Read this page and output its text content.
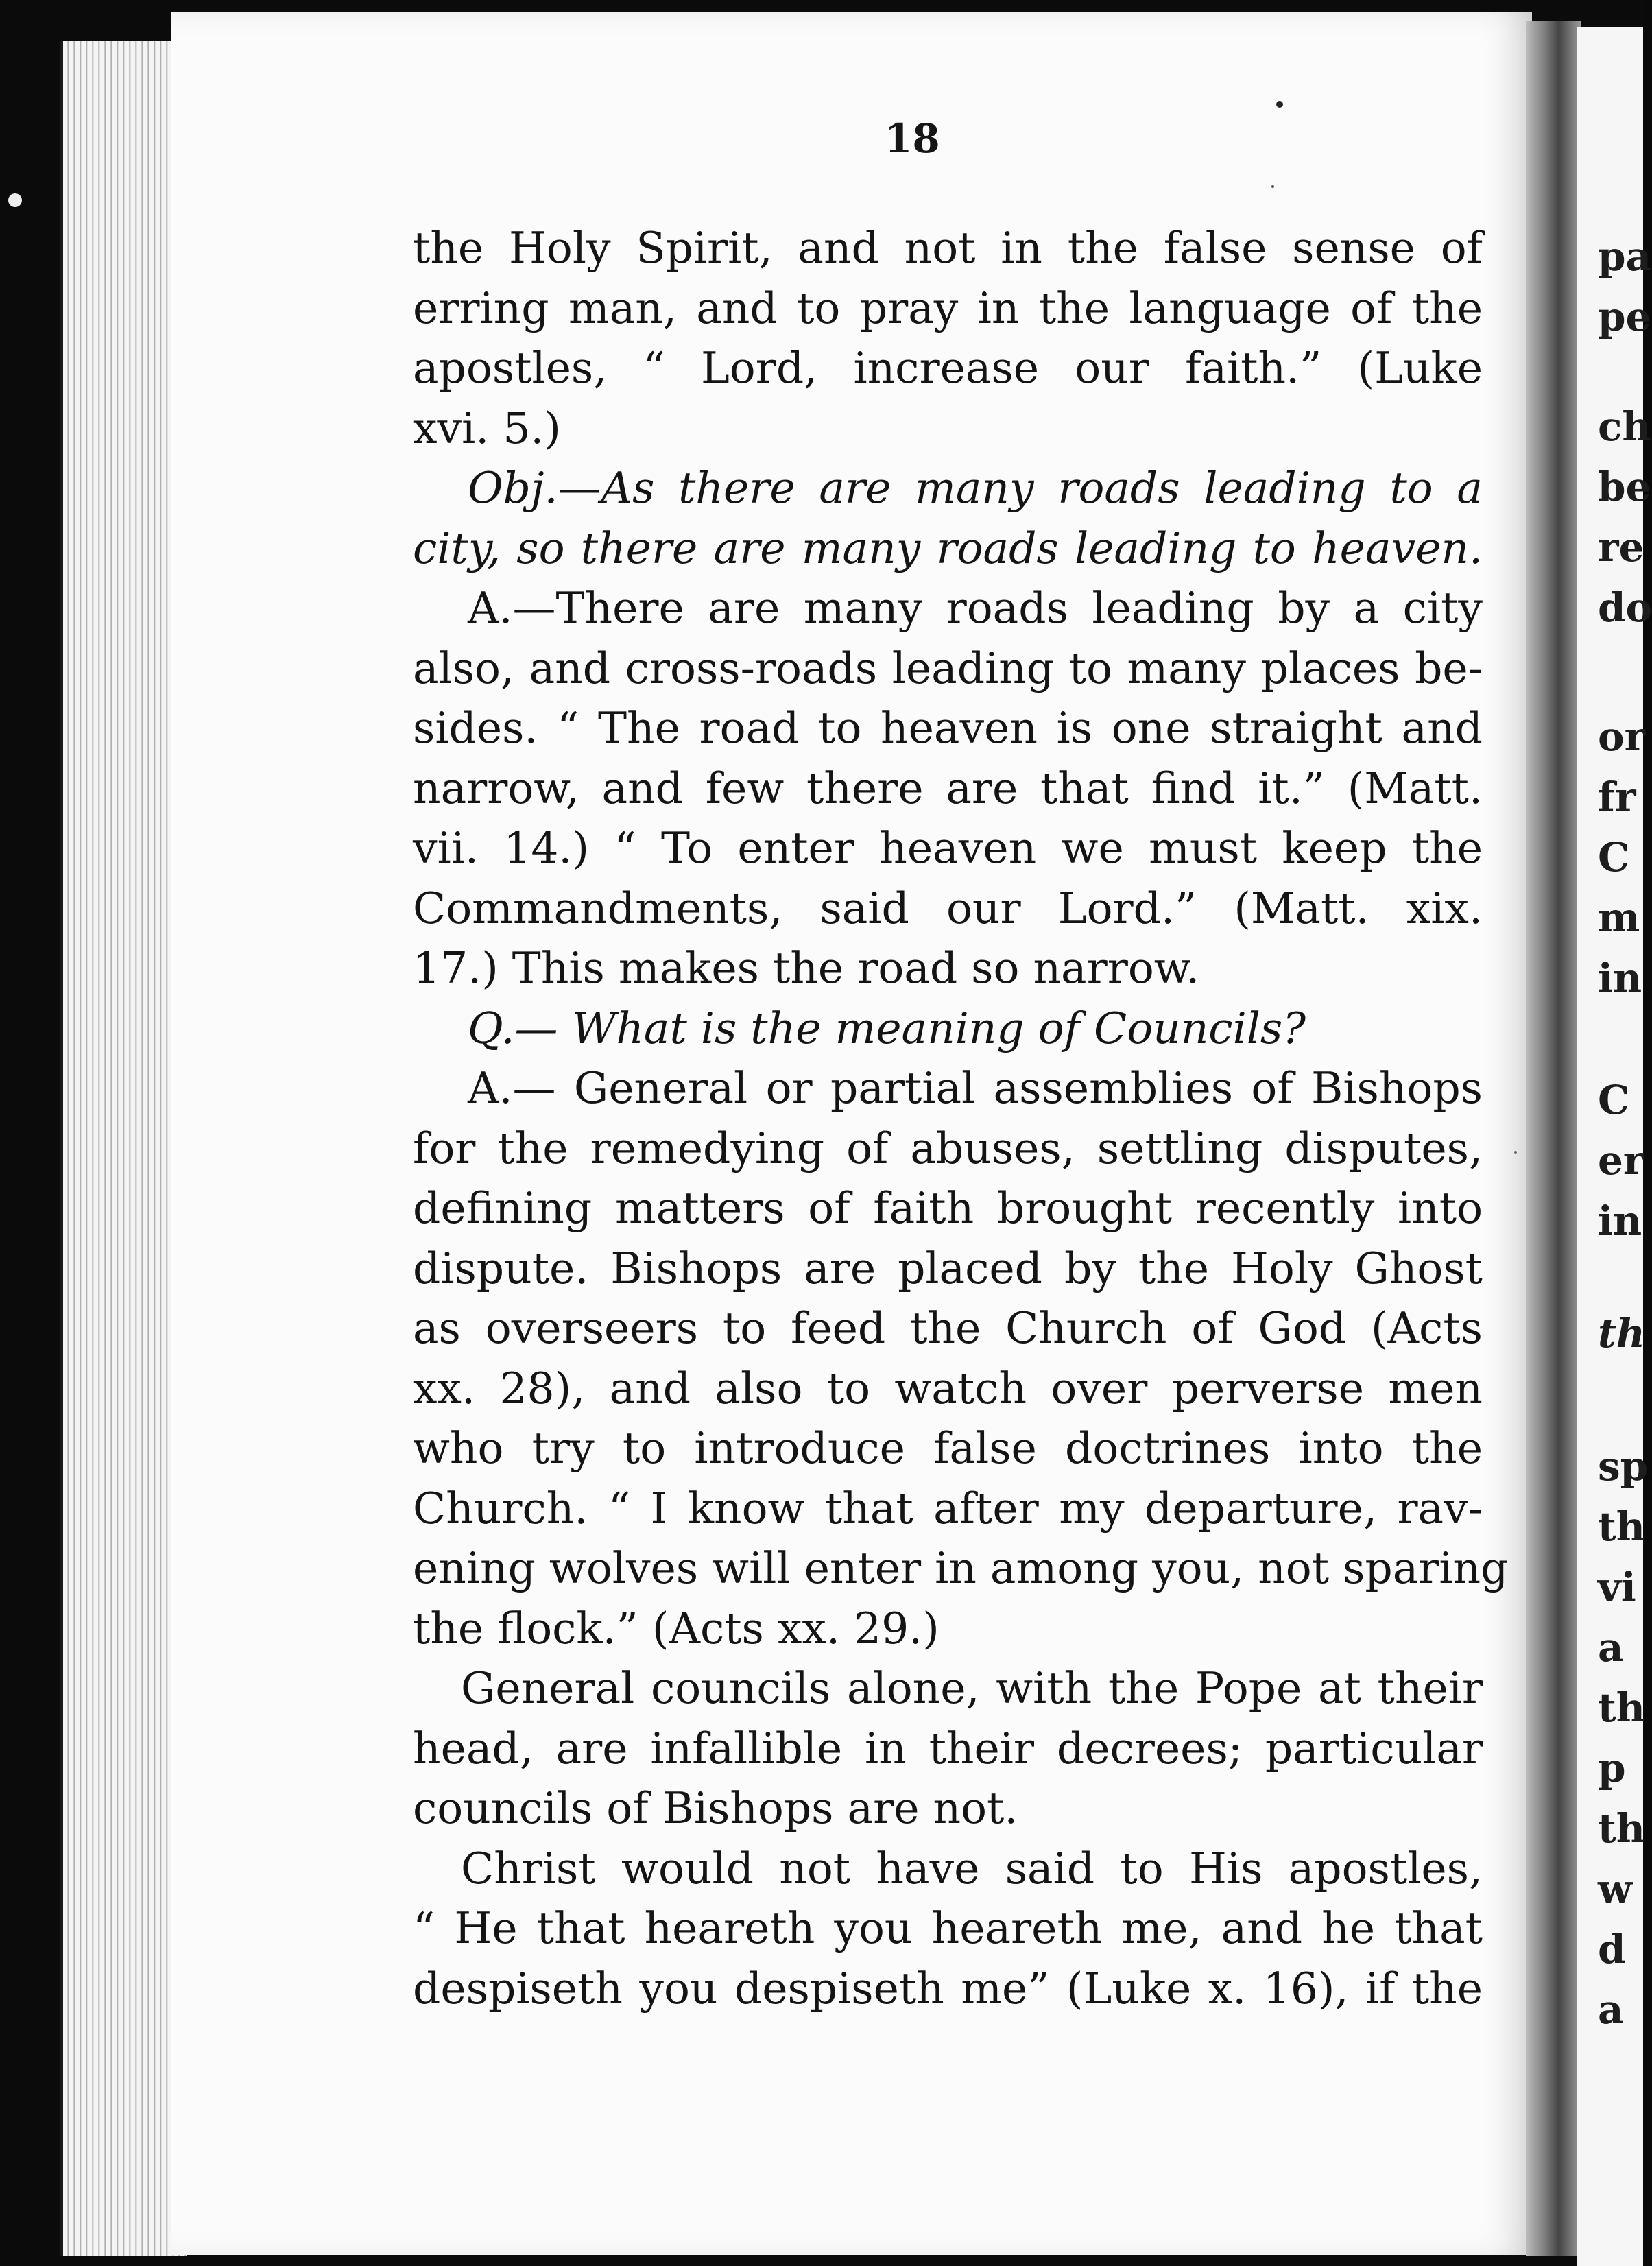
pa
pe
ch
be
re
do
or
fr
C
m
in
C
er
in
th
sp
th
vi
a
th
p
th
w
d
a
18
the Holy Spirit, and not in the false sense of
erring man, and to pray in the language of the
apostles, “ Lord, increase our faith.” (Luke
xvi. 5.)
Obj.—As there are many roads leading to a
city, so there are many roads leading to heaven.
A.—There are many roads leading by a city
also, and cross-roads leading to many places be-
sides. “ The road to heaven is one straight and
narrow, and few there are that find it.” (Matt.
vii. 14.) “ To enter heaven we must keep the
Commandments, said our Lord.” (Matt. xix.
17.) This makes the road so narrow.
Q.— What is the meaning of Councils?
A.— General or partial assemblies of Bishops
for the remedying of abuses, settling disputes,
defining matters of faith brought recently into
dispute. Bishops are placed by the Holy Ghost
as overseers to feed the Church of God (Acts
xx. 28), and also to watch over perverse men
who try to introduce false doctrines into the
Church. “ I know that after my departure, rav-
ening wolves will enter in among you, not sparing
the flock.” (Acts xx. 29.)
General councils alone, with the Pope at their
head, are infallible in their decrees; particular
councils of Bishops are not.
Christ would not have said to His apostles,
“ He that heareth you heareth me, and he that
despiseth you despiseth me” (Luke x. 16), if the
